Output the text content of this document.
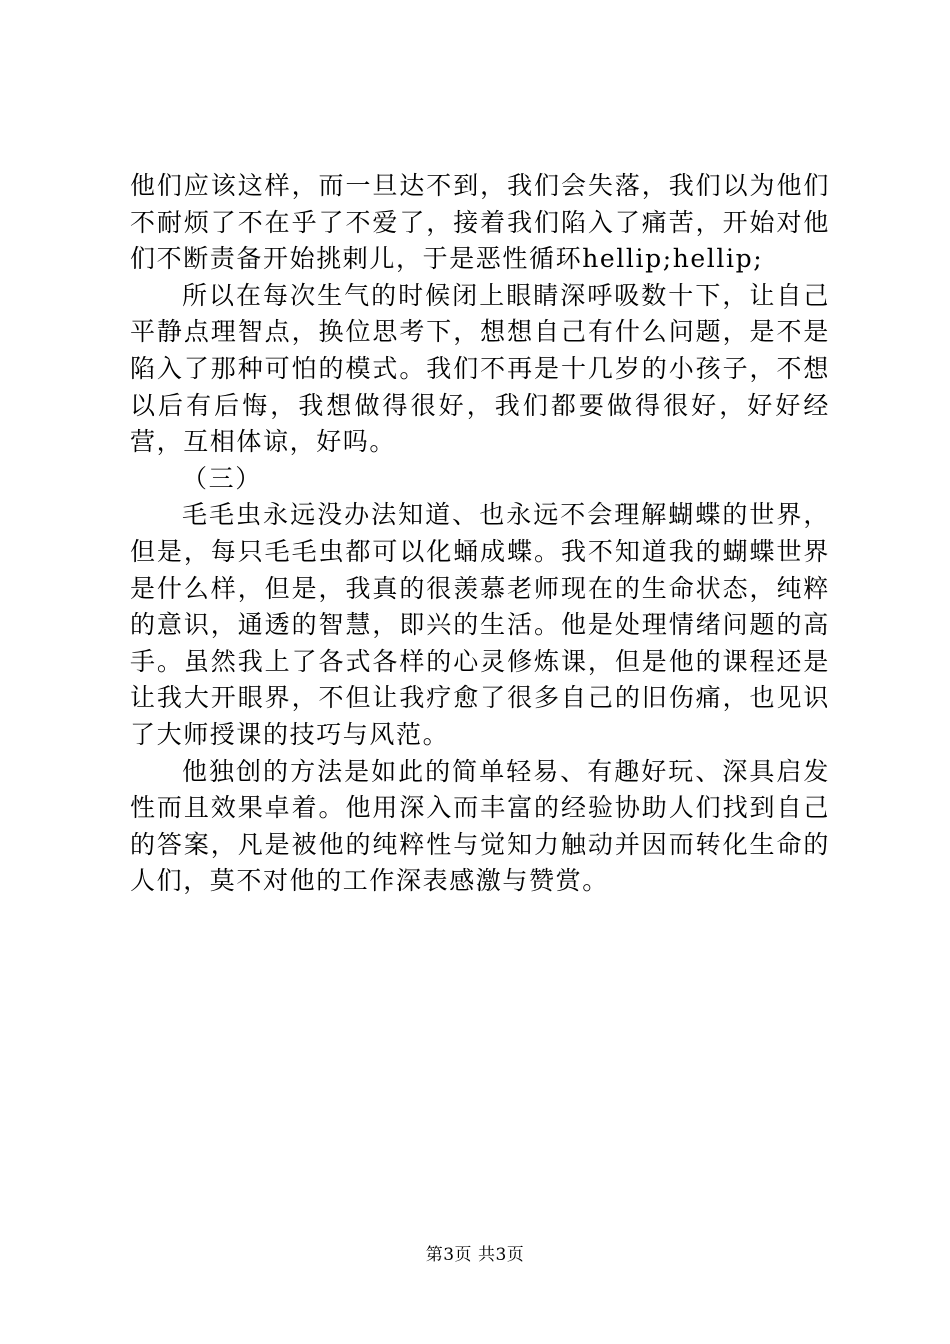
他们应该这样，而一旦达不到，我们会失落，我们以为他们不耐烦了不在乎了不爱了，接着我们陷入了痛苦，开始对他们不断责备开始挑剌儿，于是恶性循环hellip;hellip;

所以在每次生气的时候闭上眼睛深呼吸数十下，让自己平静点理智点，换位思考下，想想自己有什么问题，是不是陷入了那种可怕的模式。我们不再是十几岁的小孩子，不想以后有后悔，我想做得很好，我们都要做得很好，好好经营，互相体谅，好吗。

（三）

毛毛虫永远没办法知道、也永远不会理解蝴蝶的世界，但是，每只毛毛虫都可以化蛹成蝶。我不知道我的蝴蝶世界是什么样，但是，我真的很羡慕老师现在的生命状态，纯粹的意识，通透的智慧，即兴的生活。他是处理情绪问题的高手。虽然我上了各式各样的心灵修炼课，但是他的课程还是让我大开眼界，不但让我疗愈了很多自己的旧伤痛，也见识了大师授课的技巧与风范。

他独创的方法是如此的简单轻易、有趣好玩、深具启发性而且效果卓着。他用深入而丰富的经验协助人们找到自己的答案，凡是被他的纯粹性与觉知力触动并因而转化生命的人们，莫不对他的工作深表感激与赞赏。

第3页 共3页
